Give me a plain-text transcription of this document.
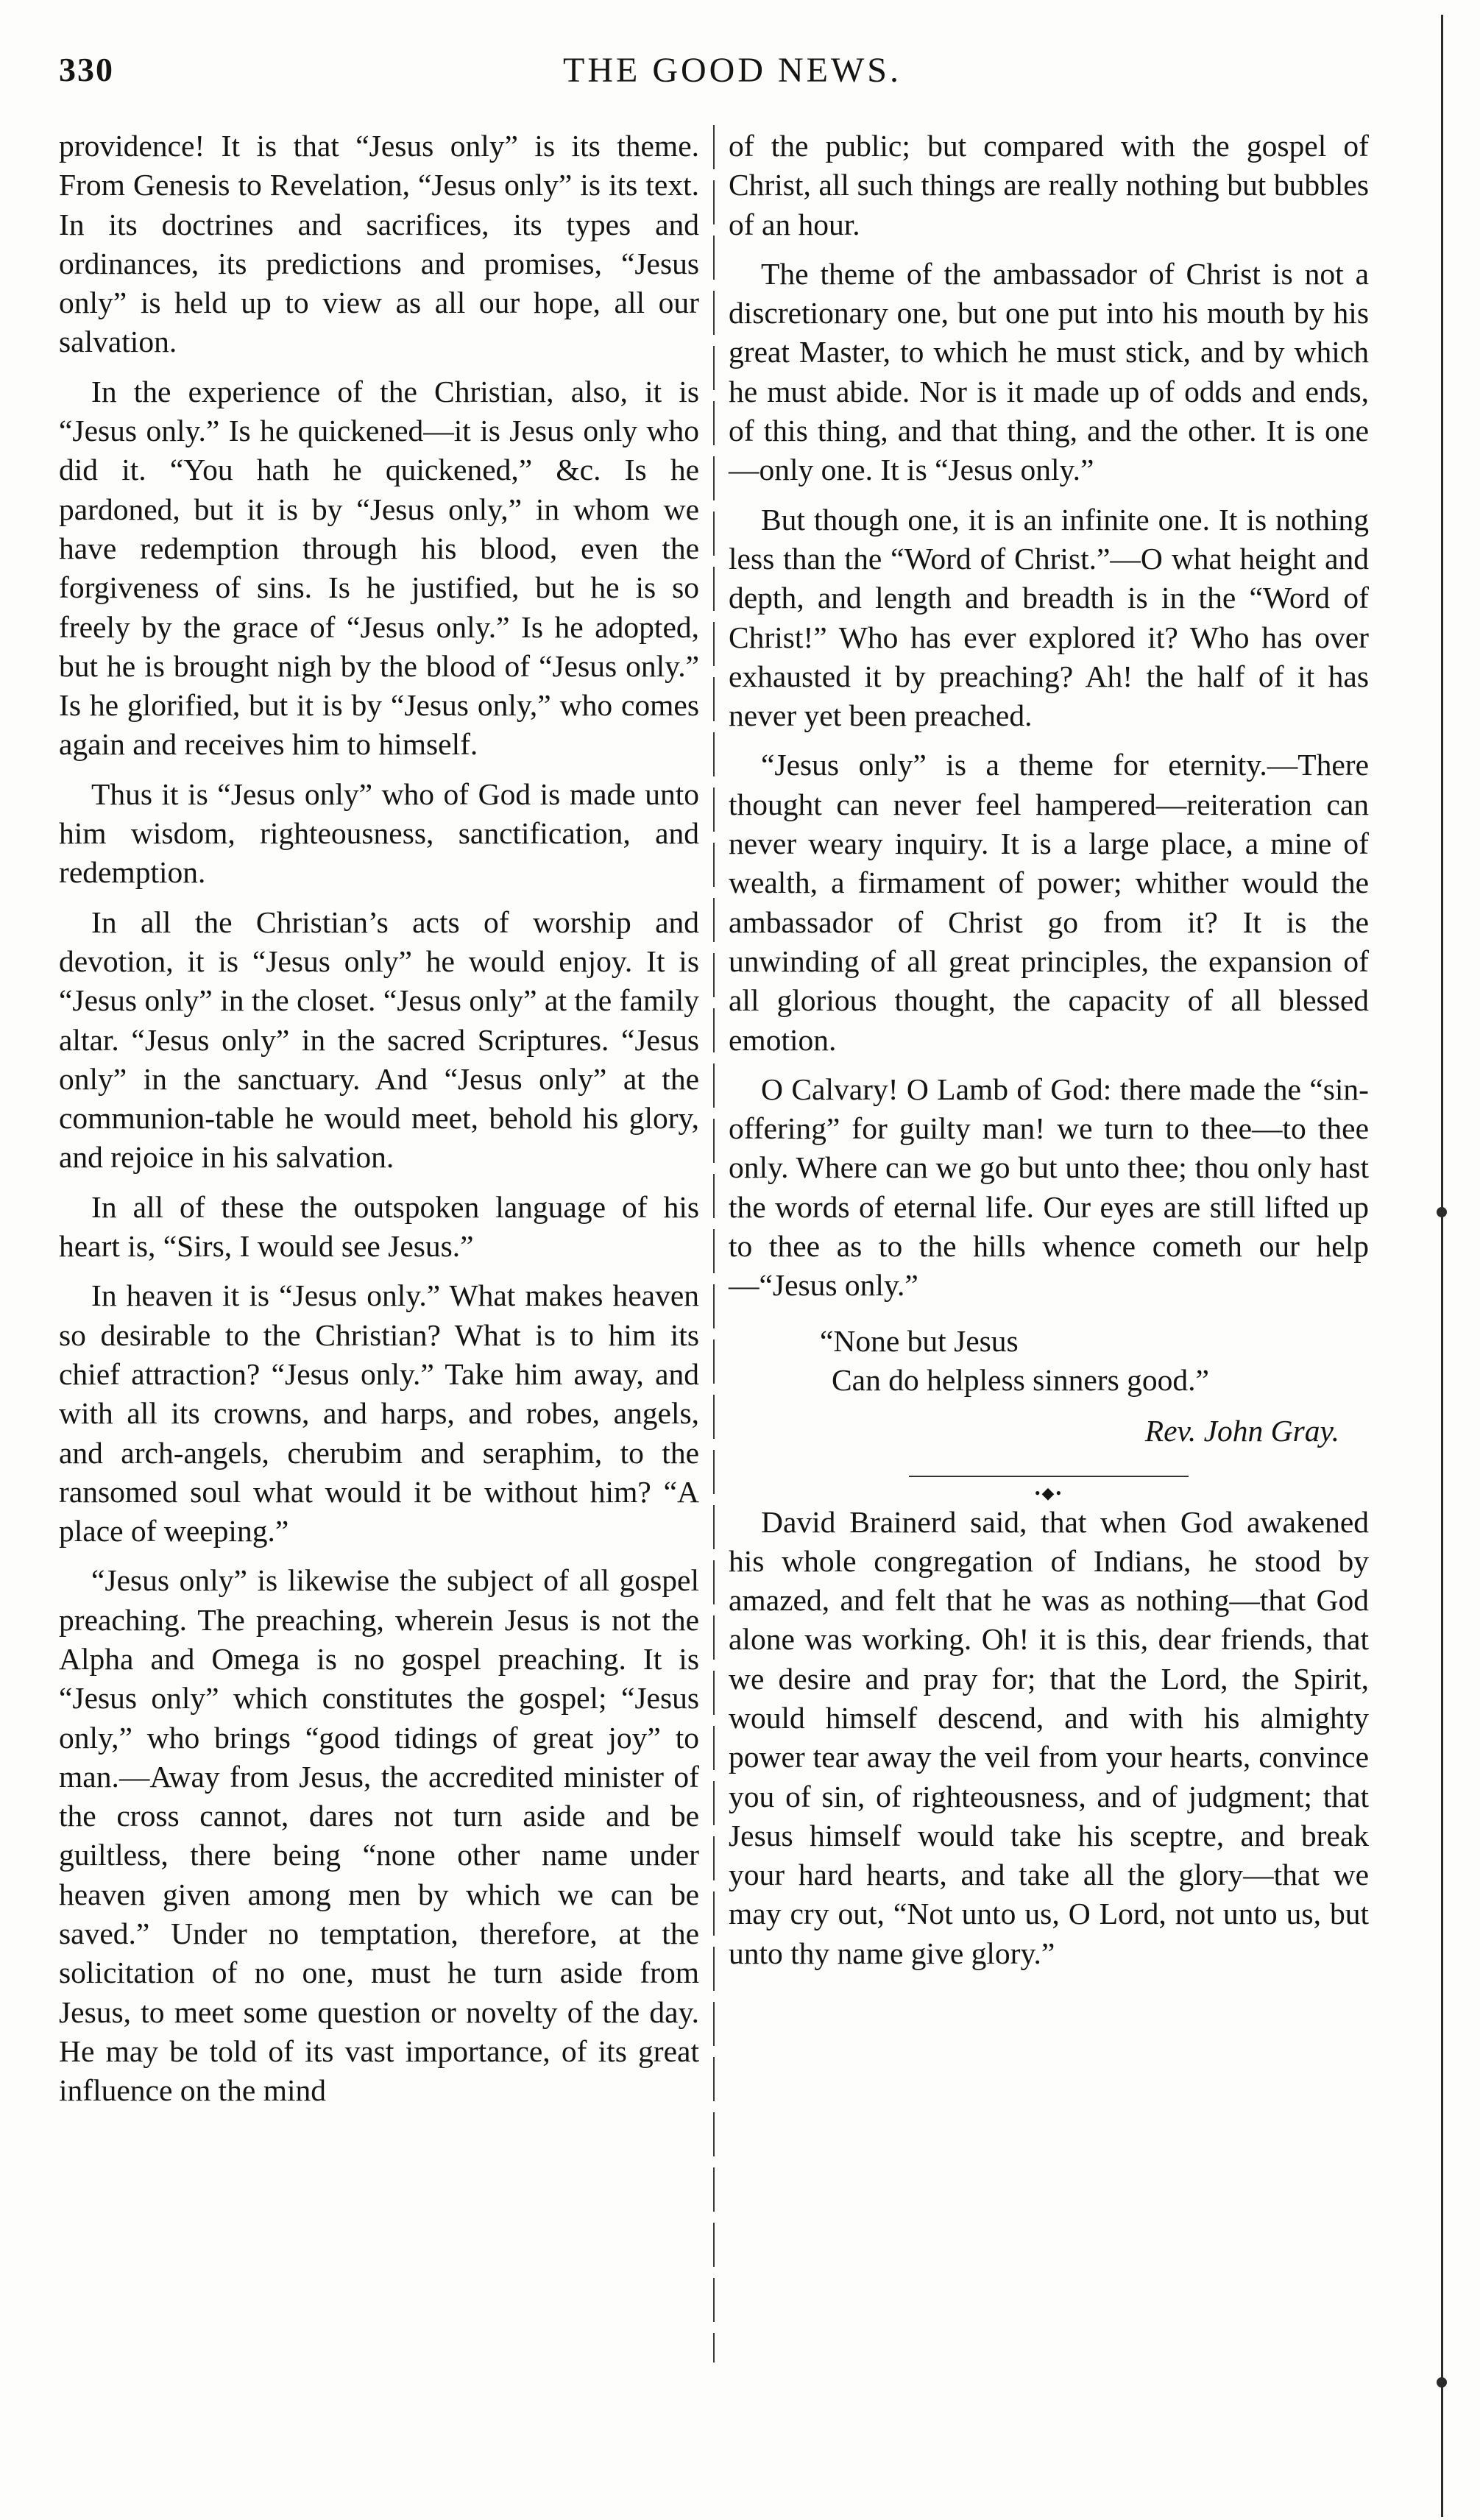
330	THE GOOD NEWS.

providence! It is that “Jesus only” is its theme. From Genesis to Revelation, “Jesus only” is its text. In its doctrines and sacrifices, its types and ordinances, its predictions and promises, “Jesus only” is held up to view as all our hope, all our salvation.

In the experience of the Christian, also, it is “Jesus only.” Is he quickened—it is Jesus only who did it. “You hath he quickened,” &c. Is he pardoned, but it is by “Jesus only,” in whom we have redemption through his blood, even the forgiveness of sins. Is he justified, but he is so freely by the grace of “Jesus only.” Is he adopted, but he is brought nigh by the blood of “Jesus only.” Is he glorified, but it is by “Jesus only,” who comes again and receives him to himself.

Thus it is “Jesus only” who of God is made unto him wisdom, righteousness, sanctification, and redemption.

In all the Christian’s acts of worship and devotion, it is “Jesus only” he would enjoy. It is “Jesus only” in the closet. “Jesus only” at the family altar. “Jesus only” in the sacred Scriptures. “Jesus only” in the sanctuary. And “Jesus only” at the communion-table he would meet, behold his glory, and rejoice in his salvation.

In all of these the outspoken language of his heart is, “Sirs, I would see Jesus.”

In heaven it is “Jesus only.” What makes heaven so desirable to the Christian? What is to him its chief attraction? “Jesus only.” Take him away, and with all its crowns, and harps, and robes, angels, and arch-angels, cherubim and seraphim, to the ransomed soul what would it be without him? “A place of weeping.”

“Jesus only” is likewise the subject of all gospel preaching. The preaching, wherein Jesus is not the Alpha and Omega is no gospel preaching. It is “Jesus only” which constitutes the gospel; “Jesus only,” who brings “good tidings of great joy” to man.—Away from Jesus, the accredited minister of the cross cannot, dares not turn aside and be guiltless, there being “none other name under heaven given among men by which we can be saved.” Under no temptation, therefore, at the solicitation of no one, must he turn aside from Jesus, to meet some question or novelty of the day. He may be told of its vast importance, of its great influence on the mind

of the public; but compared with the gospel of Christ, all such things are really nothing but bubbles of an hour.

The theme of the ambassador of Christ is not a discretionary one, but one put into his mouth by his great Master, to which he must stick, and by which he must abide. Nor is it made up of odds and ends, of this thing, and that thing, and the other. It is one—only one. It is “Jesus only.”

But though one, it is an infinite one. It is nothing less than the “Word of Christ.”—O what height and depth, and length and breadth is in the “Word of Christ!” Who has ever explored it? Who has over exhausted it by preaching? Ah! the half of it has never yet been preached.

“Jesus only” is a theme for eternity.—There thought can never feel hampered—reiteration can never weary inquiry. It is a large place, a mine of wealth, a firmament of power; whither would the ambassador of Christ go from it? It is the unwinding of all great principles, the expansion of all glorious thought, the capacity of all blessed emotion.

O Calvary! O Lamb of God: there made the “sin-offering” for guilty man! we turn to thee—to thee only. Where can we go but unto thee; thou only hast the words of eternal life. Our eyes are still lifted up to thee as to the hills whence cometh our help—“Jesus only.”

“None but Jesus
Can do helpless sinners good.”
Rev. John Gray.
•◆•

David Brainerd said, that when God awakened his whole congregation of Indians, he stood by amazed, and felt that he was as nothing—that God alone was working. Oh! it is this, dear friends, that we desire and pray for; that the Lord, the Spirit, would himself descend, and with his almighty power tear away the veil from your hearts, convince you of sin, of righteousness, and of judgment; that Jesus himself would take his sceptre, and break your hard hearts, and take all the glory—that we may cry out, “Not unto us, O Lord, not unto us, but unto thy name give glory.”
